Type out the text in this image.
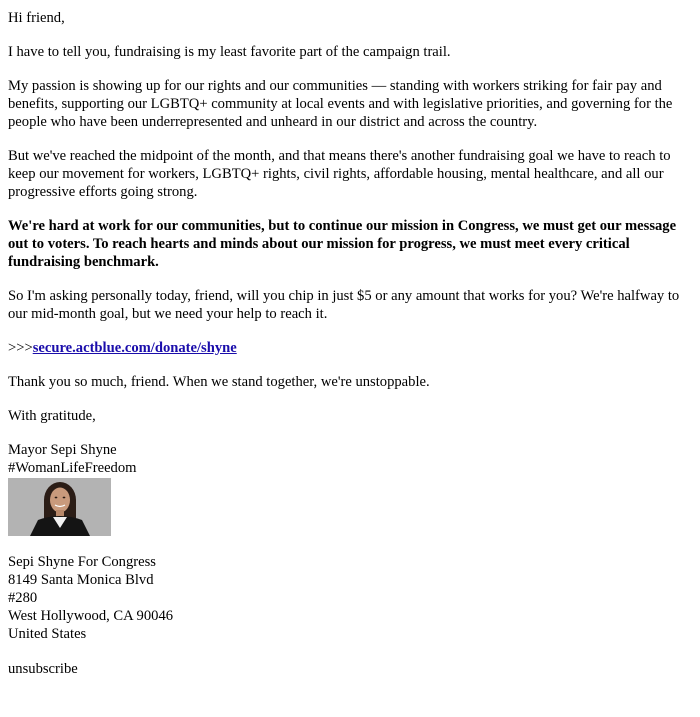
Hi friend,

I have to tell you, fundraising is my least favorite part of the campaign trail.

My passion is showing up for our rights and our communities — standing with workers striking for fair pay and benefits, supporting our LGBTQ+ community at local events and with legislative priorities, and governing for the people who have been underrepresented and unheard in our district and across the country.

But we've reached the midpoint of the month, and that means there's another fundraising goal we have to reach to keep our movement for workers, LGBTQ+ rights, civil rights, affordable housing, mental healthcare, and all our progressive efforts going strong.

We're hard at work for our communities, but to continue our mission in Congress, we must get our message out to voters. To reach hearts and minds about our mission for progress, we must meet every critical fundraising benchmark.

So I'm asking personally today, friend, will you chip in just $5 or any amount that works for you? We're halfway to our mid-month goal, but we need your help to reach it.

>>>secure.actblue.com/donate/shyne

Thank you so much, friend. When we stand together, we're unstoppable.

With gratitude,

Mayor Sepi Shyne
#WomanLifeFreedom
Sepi Shyne For Congress
8149 Santa Monica Blvd
#280
West Hollywood, CA 90046
United States
unsubscribe
